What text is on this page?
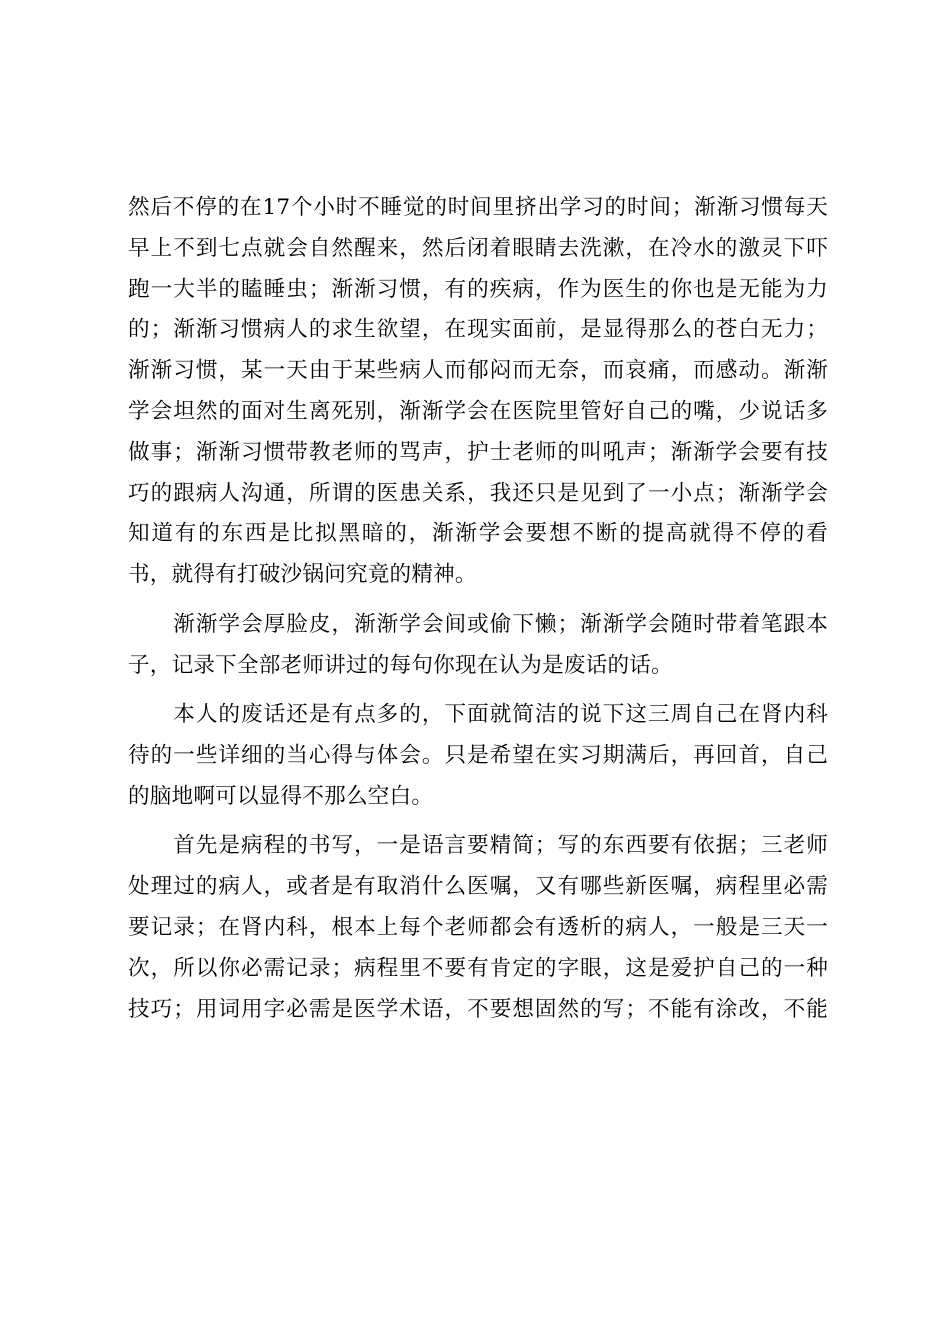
然后不停的在17个小时不睡觉的时间里挤出学习的时间；渐渐习惯每天
早上不到七点就会自然醒来，然后闭着眼睛去洗漱，在冷水的激灵下吓
跑一大半的瞌睡虫；渐渐习惯，有的疾病，作为医生的你也是无能为力
的；渐渐习惯病人的求生欲望，在现实面前，是显得那么的苍白无力；
渐渐习惯，某一天由于某些病人而郁闷而无奈，而哀痛，而感动。渐渐
学会坦然的面对生离死别，渐渐学会在医院里管好自己的嘴，少说话多
做事；渐渐习惯带教老师的骂声，护士老师的叫吼声；渐渐学会要有技
巧的跟病人沟通，所谓的医患关系，我还只是见到了一小点；渐渐学会
知道有的东西是比拟黑暗的，渐渐学会要想不断的提高就得不停的看
书，就得有打破沙锅问究竟的精神。
　　渐渐学会厚脸皮，渐渐学会间或偷下懒；渐渐学会随时带着笔跟本
子，记录下全部老师讲过的每句你现在认为是废话的话。
　　本人的废话还是有点多的，下面就简洁的说下这三周自己在肾内科
待的一些详细的当心得与体会。只是希望在实习期满后，再回首，自己
的脑地啊可以显得不那么空白。
　　首先是病程的书写，一是语言要精简；写的东西要有依据；三老师
处理过的病人，或者是有取消什么医嘱，又有哪些新医嘱，病程里必需
要记录；在肾内科，根本上每个老师都会有透析的病人，一般是三天一
次，所以你必需记录；病程里不要有肯定的字眼，这是爱护自己的一种
技巧；用词用字必需是医学术语，不要想固然的写；不能有涂改，不能
